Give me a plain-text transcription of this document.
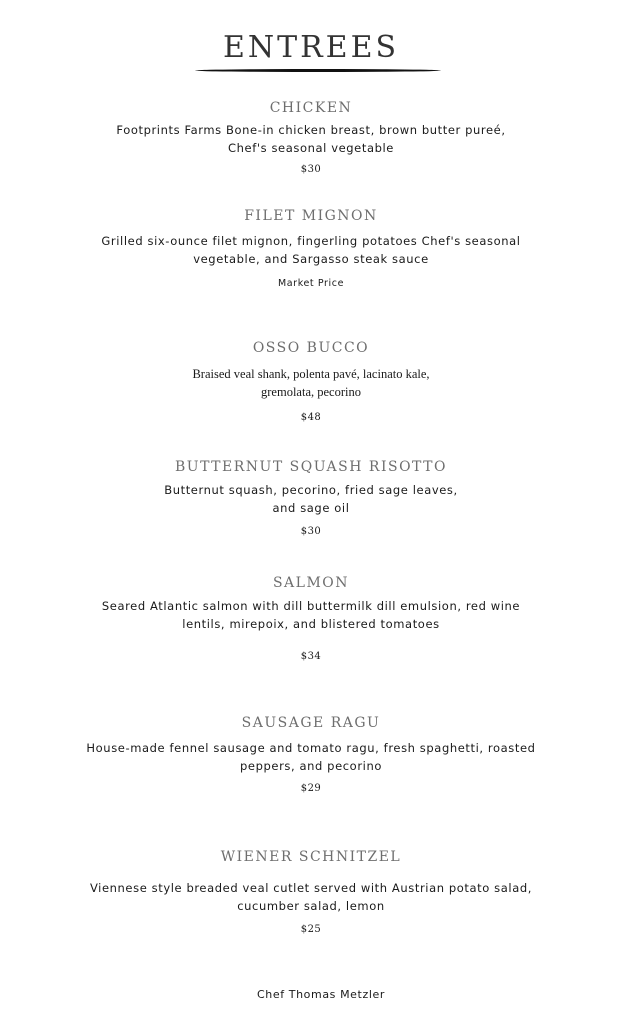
ENTREES
CHICKEN
Footprints Farms Bone-in chicken breast, brown butter pureé,
Chef's seasonal vegetable
$30
FILET MIGNON
Grilled six-ounce filet mignon, fingerling potatoes Chef's seasonal
vegetable, and Sargasso steak sauce
Market Price
OSSO BUCCO
Braised veal shank, polenta pavé, lacinato kale,
gremolata, pecorino
$48
BUTTERNUT SQUASH RISOTTO
Butternut squash, pecorino, fried sage leaves,
and sage oil
$30
SALMON
Seared Atlantic salmon with dill buttermilk dill emulsion, red wine
lentils, mirepoix, and blistered tomatoes
$34
SAUSAGE RAGU
House-made fennel sausage and tomato ragu, fresh spaghetti, roasted
peppers, and pecorino
$29
WIENER SCHNITZEL
Viennese style breaded veal cutlet served with Austrian potato salad,
cucumber salad, lemon
$25
Chef Thomas Metzler
